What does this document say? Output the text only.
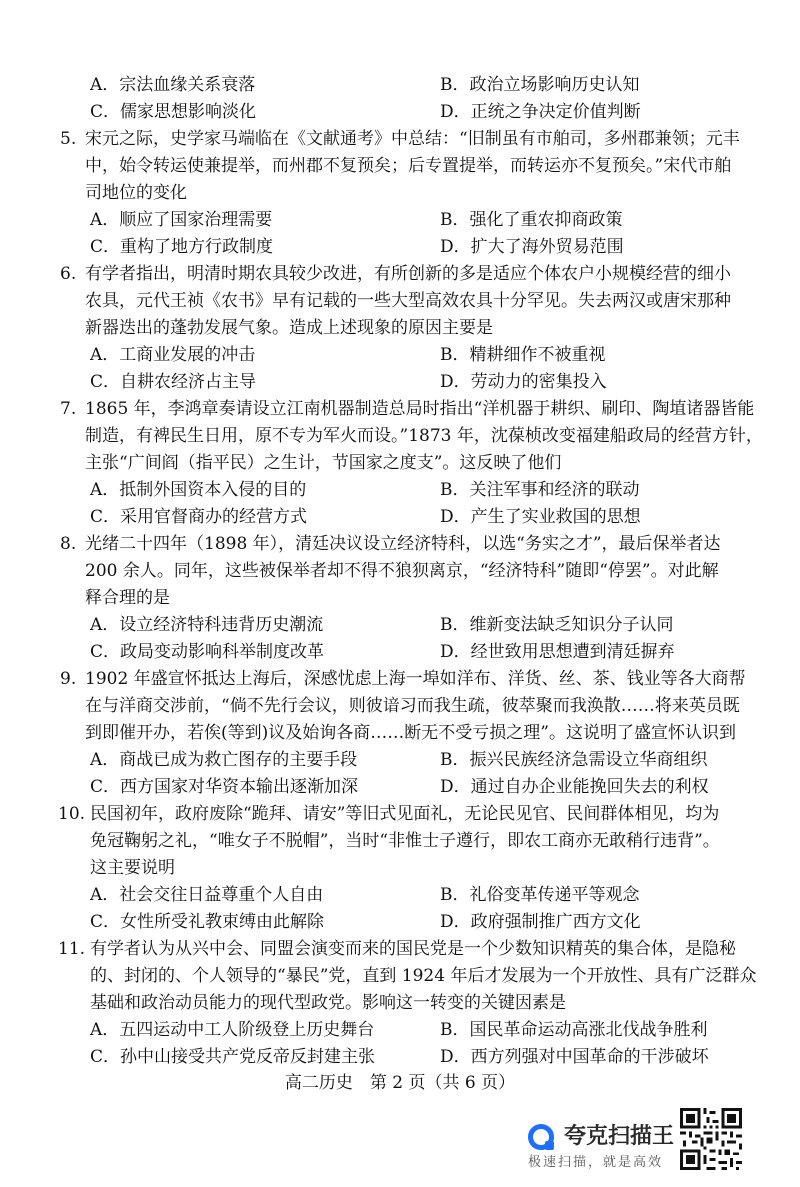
A．宗法血缘关系衰落	B．政治立场影响历史认知
C．儒家思想影响淡化	D．正统之争决定价值判断
5. 宋元之际，史学家马端临在《文献通考》中总结：“旧制虽有市舶司，多州郡兼领；元丰
中，始令转运使兼提举，而州郡不复预矣；后专置提举，而转运亦不复预矣。”宋代市舶
司地位的变化
A．顺应了国家治理需要	B．强化了重农抑商政策
C．重构了地方行政制度	D．扩大了海外贸易范围
6. 有学者指出，明清时期农具较少改进，有所创新的多是适应个体农户小规模经营的细小
农具，元代王祯《农书》早有记载的一些大型高效农具十分罕见。失去两汉或唐宋那种
新器迭出的蓬勃发展气象。造成上述现象的原因主要是
A．工商业发展的冲击	B．精耕细作不被重视
C．自耕农经济占主导	D．劳动力的密集投入
7. 1865 年，李鸿章奏请设立江南机器制造总局时指出“洋机器于耕织、刷印、陶埴诸器皆能
制造，有裨民生日用，原不专为军火而设。”1873 年，沈葆桢改变福建船政局的经营方针，
主张“广间阎（指平民）之生计，节国家之度支”。这反映了他们
A．抵制外国资本入侵的目的	B．关注军事和经济的联动
C．采用官督商办的经营方式	D．产生了实业救国的思想
8. 光绪二十四年（1898 年），清廷决议设立经济特科，以选“务实之才”，最后保举者达
200 余人。同年，这些被保举者却不得不狼狈离京，“经济特科”随即“停罢”。对此解
释合理的是
A．设立经济特科违背历史潮流	B．维新变法缺乏知识分子认同
C．政局变动影响科举制度改革	D．经世致用思想遭到清廷摒弃
9. 1902 年盛宣怀抵达上海后，深感忧虑上海一埠如洋布、洋货、丝、茶、钱业等各大商帮
在与洋商交涉前，“倘不先行会议，则彼谙习而我生疏，彼萃聚而我涣散……将来英员既
到即催开办，若俟(等到)议及始询各商……断无不受亏损之理”。这说明了盛宣怀认识到
A．商战已成为救亡图存的主要手段	B．振兴民族经济急需设立华商组织
C．西方国家对华资本输出逐渐加深	D．通过自办企业能挽回失去的利权
10. 民国初年，政府废除“跪拜、请安”等旧式见面礼，无论民见官、民间群体相见，均为
免冠鞠躬之礼，“唯女子不脱帽”，当时“非惟士子遵行，即农工商亦无敢稍行违背”。
这主要说明
A．社会交往日益尊重个人自由	B．礼俗变革传递平等观念
C．女性所受礼教束缚由此解除	D．政府强制推广西方文化
11. 有学者认为从兴中会、同盟会演变而来的国民党是一个少数知识精英的集合体，是隐秘
的、封闭的、个人领导的“暴民”党，直到 1924 年后才发展为一个开放性、具有广泛群众
基础和政治动员能力的现代型政党。影响这一转变的关键因素是
A．五四运动中工人阶级登上历史舞台	B．国民革命运动高涨北伐战争胜利
C．孙中山接受共产党反帝反封建主张	D．西方列强对中国革命的干涉破坏
高二历史　第 2 页（共 6 页）
夸克扫描王
极速扫描，就是高效
